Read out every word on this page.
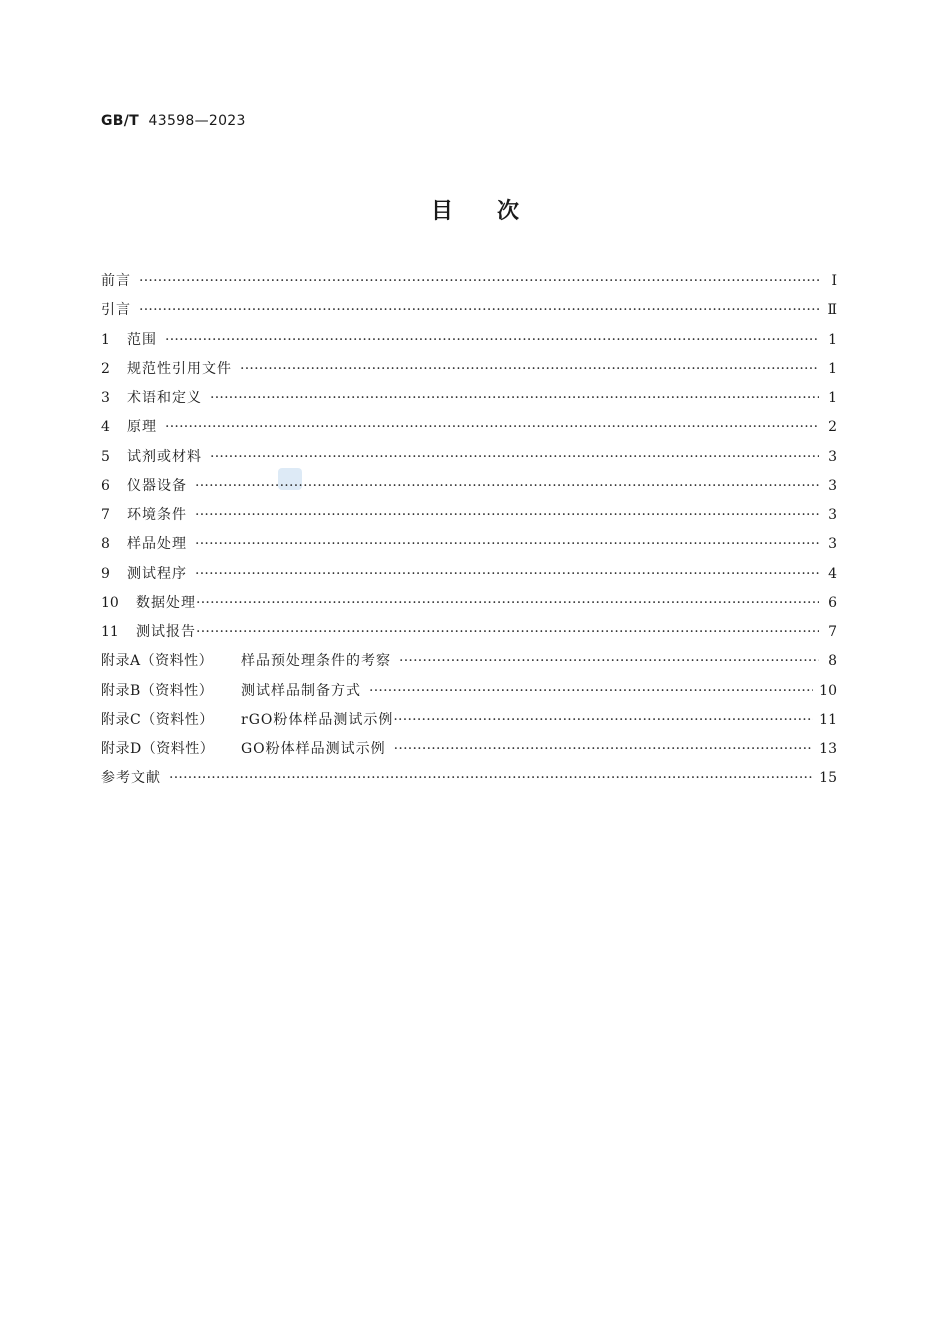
GB/T 43598—2023
目次
前言 ·····	Ⅰ
引言 ·····	Ⅱ
1	范围 ·····	1
2	规范性引用文件 ·····	1
3	术语和定义 ·····	1
4	原理 ·····	2
5	试剂或材料 ·····	3
6	仪器设备 ·····	3
7	环境条件 ·····	3
8	样品处理 ·····	3
9	测试程序 ·····	4
10	数据处理 ·····	6
11	测试报告 ·····	7
附录A（资料性）	样品预处理条件的考察 ·····	8
附录B（资料性）	测试样品制备方式 ·····	10
附录C（资料性）	rGO粉体样品测试示例 ·····	11
附录D（资料性）	GO粉体样品测试示例 ·····	13
参考文献 ·····	15
